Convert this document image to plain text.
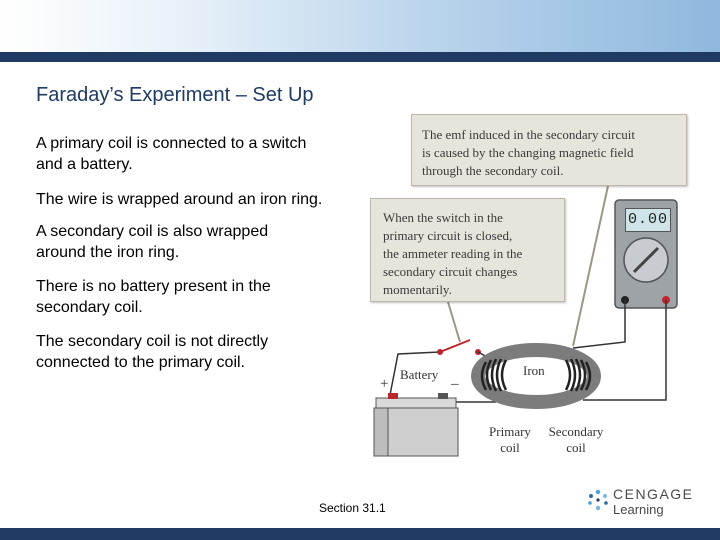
Faraday’s Experiment – Set Up
A primary coil is connected to a switch
and a battery.
The wire is wrapped around an iron ring.
A secondary coil is also wrapped
around the iron ring.
There is no battery present in the
secondary coil.
The secondary coil is not directly
connected to the primary coil.
The emf induced in the secondary circuit
is caused by the changing magnetic field
through the secondary coil.
When the switch in the
primary circuit is closed,
the ammeter reading in the
secondary circuit changes
momentarily.
0.00
Battery
+	–
Iron
Primary
coil
Secondary
coil
Section 31.1
CENGAGE
Learning
